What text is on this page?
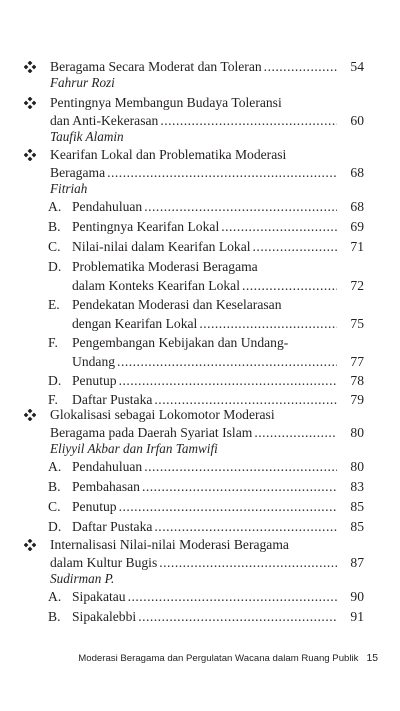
Beragama Secara Moderat dan Toleran .....	54
Fahrur Rozi
Pentingnya Membangun Budaya Toleransi
dan Anti-Kekerasan .....	60
Taufik Alamin
Kearifan Lokal dan Problematika Moderasi
Beragama .....	68
Fitriah
A. Pendahuluan .....	68
B. Pentingnya Kearifan Lokal .....	69
C. Nilai-nilai dalam Kearifan Lokal .....	71
D. Problematika Moderasi Beragama
dalam Konteks Kearifan Lokal .....	72
E. Pendekatan Moderasi dan Keselarasan
dengan Kearifan Lokal .....	75
F. Pengembangan Kebijakan dan Undang-
Undang .....	77
D. Penutup .....	78
F. Daftar Pustaka .....	79
Glokalisasi sebagai Lokomotor Moderasi
Beragama pada Daerah Syariat Islam .....	80
Eliyyil Akbar dan Irfan Tamwifi
A. Pendahuluan .....	80
B. Pembahasan .....	83
C. Penutup .....	85
D. Daftar Pustaka .....	85
Internalisasi Nilai-nilai Moderasi Beragama
dalam Kultur Bugis .....	87
Sudirman P.
A. Sipakatau .....	90
B. Sipakalebbi .....	91
Moderasi Beragama dan Pergulatan Wacana dalam Ruang Publik 15
